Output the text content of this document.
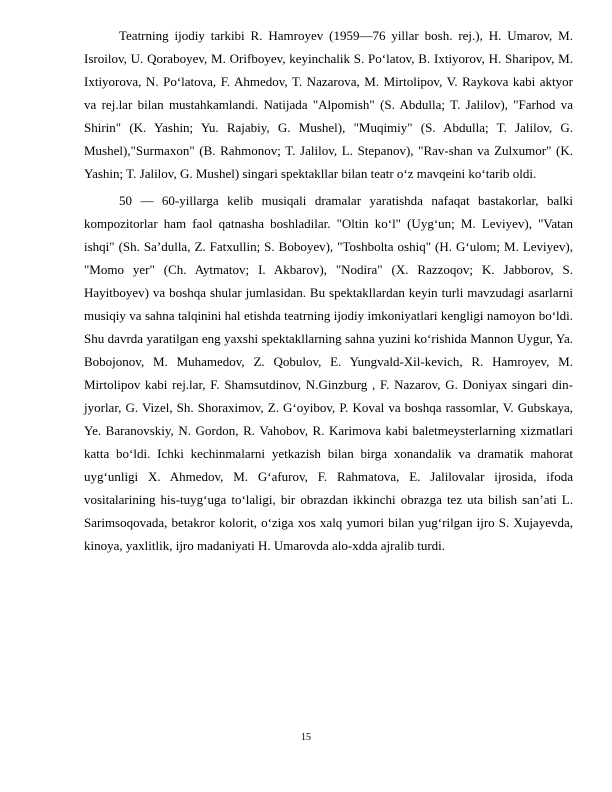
Teatrning ijodiy tarkibi R. Hamroyev (1959—76 yillar bosh. rej.), H. Umarov, M. Isroilov, U. Qoraboyev, M. Orifboyev, keyinchalik S. Poʻlatov, B. Ixtiyorov, H. Sharipov, M. Ixtiyorova, N. Poʻlatova, F. Ahmedov, T. Nazarova, M. Mirtolipov, V. Raykova kabi aktyor va rej.lar bilan mustahkamlandi. Natijada "Alpomish" (S. Abdulla; T. Jalilov), "Farhod va Shirin" (K. Yashin; Yu. Rajabiy, G. Mushel), "Muqimiy" (S. Abdulla; T. Jalilov, G. Mushel),"Surmaxon" (B. Rahmonov; T. Jalilov, L. Stepanov), "Rav-shan va Zulxumor" (K. Yashin; T. Jalilov, G. Mushel) singari spektakllar bilan teatr oʻz mavqeini koʻtarib oldi.

50 — 60-yillarga kelib musiqali dramalar yaratishda nafaqat bastakorlar, balki kompozitorlar ham faol qatnasha boshladilar. "Oltin koʻl" (Uygʻun; M. Leviyev), "Vatan ishqi" (Sh. Saʼdulla, Z. Fatxullin; S. Boboyev), "Toshbolta oshiq" (H. Gʻulom; M. Leviyev), "Momo yer" (Ch. Aytmatov; I. Akbarov), "Nodira" (X. Razzoqov; K. Jabborov, S. Hayitboyev) va boshqa shular jumlasidan. Bu spektakllardan keyin turli mavzudagi asarlarni musiqiy va sahna talqinini hal etishda teatrning ijodiy imkoniyatlari kengligi namoyon boʻldi. Shu davrda yaratilgan eng yaxshi spektakllarning sahna yuzini koʻrishida Mannon Uygur, Ya. Bobojonov, M. Muhamedov, Z. Qobulov, E. Yungvald-Xil-kevich, R. Hamroyev, M. Mirtolipov kabi rej.lar, F. Shamsutdinov, N.Ginzburg , F. Nazarov, G. Doniyax singari din-jyorlar, G. Vizel, Sh. Shoraximov, Z. Gʻoyibov, P. Koval va boshqa rassomlar, V. Gubskaya, Ye. Baranovskiy, N. Gordon, R. Vahobov, R. Karimova kabi baletmeysterlarning xizmatlari katta boʻldi. Ichki kechinmalarni yetkazish bilan birga xonandalik va dramatik mahorat uygʻunligi X. Ahmedov, M. Gʻafurov, F. Rahmatova, E. Jalilovalar ijrosida, ifoda vositalarining his-tuygʻuga toʻlaligi, bir obrazdan ikkinchi obrazga tez uta bilish sanʼati L. Sarimsoqovada, betakror kolorit, oʻziga xos xalq yumori bilan yugʻrilgan ijro S. Xujayevda, kinoya, yaxlitlik, ijro madaniyati H. Umarovda alo-xdda ajralib turdi.

15
